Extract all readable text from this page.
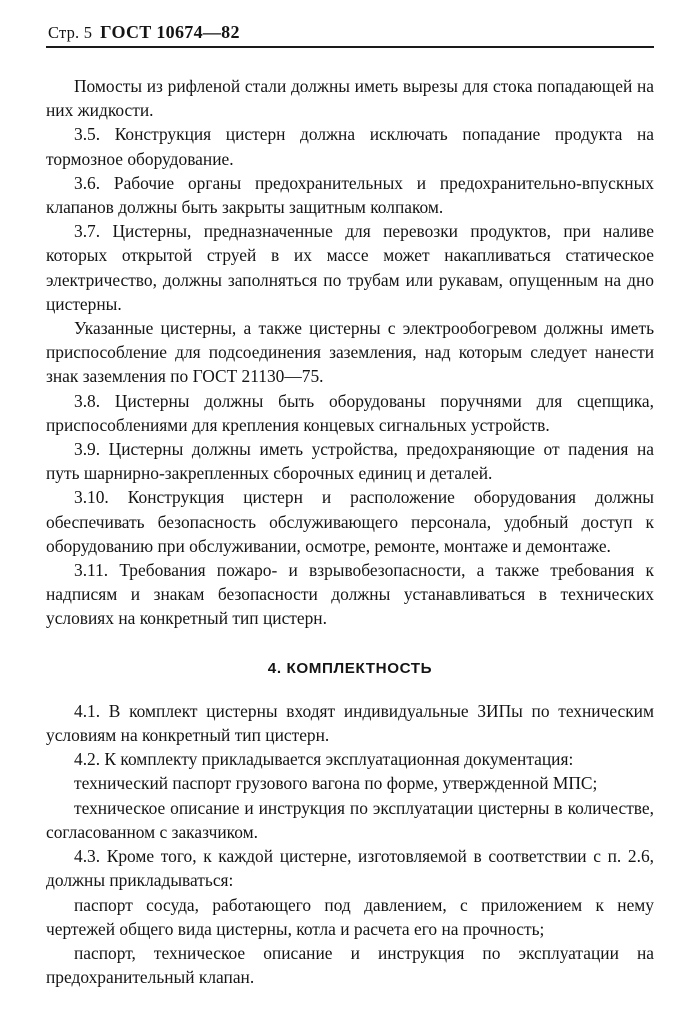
Стр. 5 ГОСТ 10674—82

Помосты из рифленой стали должны иметь вырезы для стока попадающей на них жидкости.

3.5. Конструкция цистерн должна исключать попадание продукта на тормозное оборудование.

3.6. Рабочие органы предохранительных и предохранительно-впускных клапанов должны быть закрыты защитным колпаком.

3.7. Цистерны, предназначенные для перевозки продуктов, при наливе которых открытой струей в их массе может накапливаться статическое электричество, должны заполняться по трубам или рукавам, опущенным на дно цистерны.

Указанные цистерны, а также цистерны с электрообогревом должны иметь приспособление для подсоединения заземления, над которым следует нанести знак заземления по ГОСТ 21130—75.

3.8. Цистерны должны быть оборудованы поручнями для сцепщика, приспособлениями для крепления концевых сигнальных устройств.

3.9. Цистерны должны иметь устройства, предохраняющие от падения на путь шарнирно-закрепленных сборочных единиц и деталей.

3.10. Конструкция цистерн и расположение оборудования должны обеспечивать безопасность обслуживающего персонала, удобный доступ к оборудованию при обслуживании, осмотре, ремонте, монтаже и демонтаже.

3.11. Требования пожаро- и взрывобезопасности, а также требования к надписям и знакам безопасности должны устанавливаться в технических условиях на конкретный тип цистерн.

4. КОМПЛЕКТНОСТЬ

4.1. В комплект цистерны входят индивидуальные ЗИПы по техническим условиям на конкретный тип цистерн.

4.2. К комплекту прикладывается эксплуатационная документация:

технический паспорт грузового вагона по форме, утвержденной МПС;

техническое описание и инструкция по эксплуатации цистерны в количестве, согласованном с заказчиком.

4.3. Кроме того, к каждой цистерне, изготовляемой в соответствии с п. 2.6, должны прикладываться:

паспорт сосуда, работающего под давлением, с приложением к нему чертежей общего вида цистерны, котла и расчета его на прочность;

паспорт, техническое описание и инструкция по эксплуатации на предохранительный клапан.
